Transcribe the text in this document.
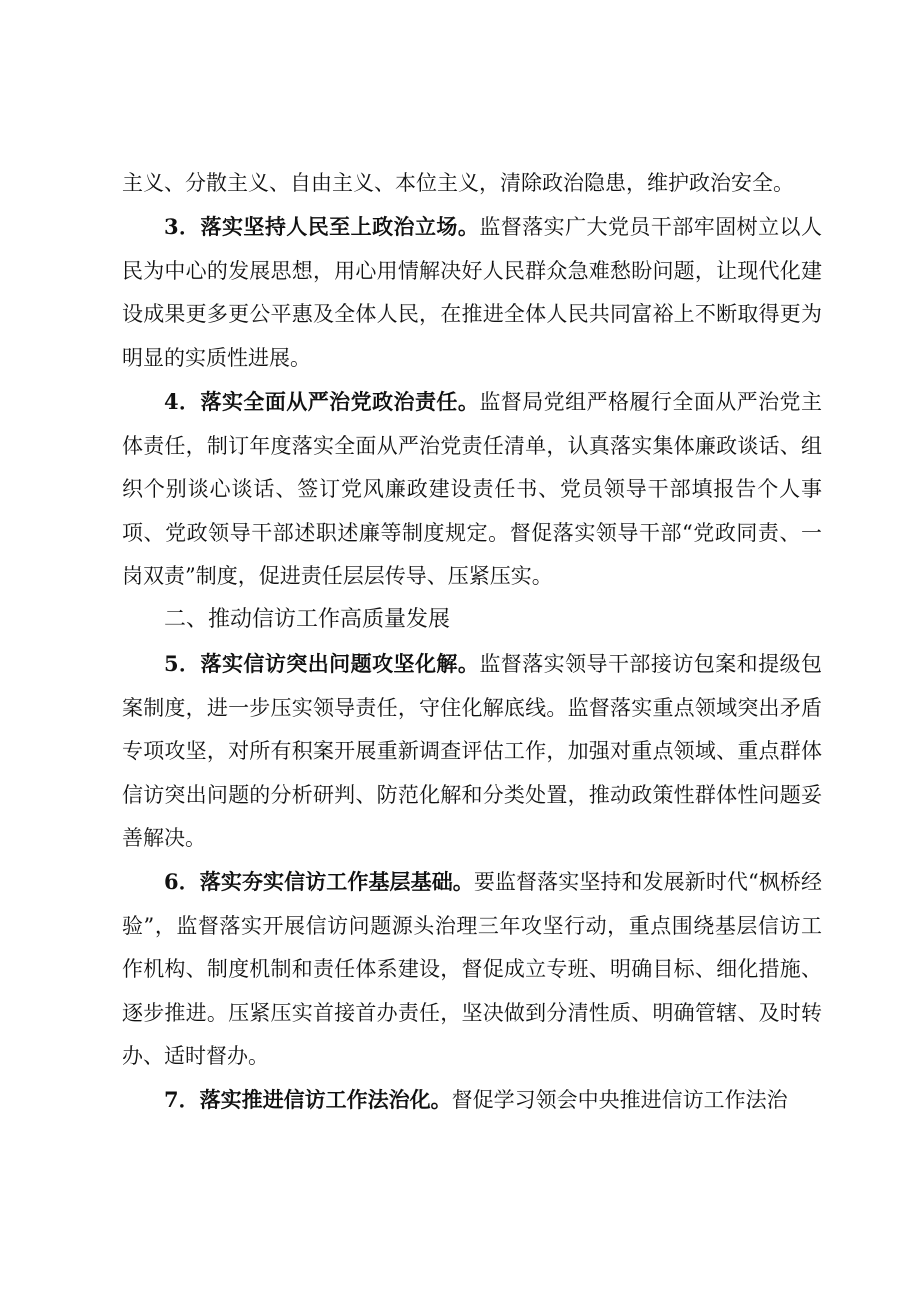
主义、分散主义、自由主义、本位主义，清除政治隐患，维护政治安全。

3．落实坚持人民至上政治立场。监督落实广大党员干部牢固树立以人民为中心的发展思想，用心用情解决好人民群众急难愁盼问题，让现代化建设成果更多更公平惠及全体人民，在推进全体人民共同富裕上不断取得更为明显的实质性进展。

4．落实全面从严治党政治责任。监督局党组严格履行全面从严治党主体责任，制订年度落实全面从严治党责任清单，认真落实集体廉政谈话、组织个别谈心谈话、签订党风廉政建设责任书、党员领导干部填报告个人事项、党政领导干部述职述廉等制度规定。督促落实领导干部“党政同责、一岗双责”制度，促进责任层层传导、压紧压实。

二、推动信访工作高质量发展

5．落实信访突出问题攻坚化解。监督落实领导干部接访包案和提级包案制度，进一步压实领导责任，守住化解底线。监督落实重点领域突出矛盾专项攻坚，对所有积案开展重新调查评估工作，加强对重点领域、重点群体信访突出问题的分析研判、防范化解和分类处置，推动政策性群体性问题妥善解决。

6．落实夯实信访工作基层基础。要监督落实坚持和发展新时代“枫桥经验”，监督落实开展信访问题源头治理三年攻坚行动，重点围绕基层信访工作机构、制度机制和责任体系建设，督促成立专班、明确目标、细化措施、逐步推进。压紧压实首接首办责任，坚决做到分清性质、明确管辖、及时转办、适时督办。

7．落实推进信访工作法治化。督促学习领会中央推进信访工作法治
